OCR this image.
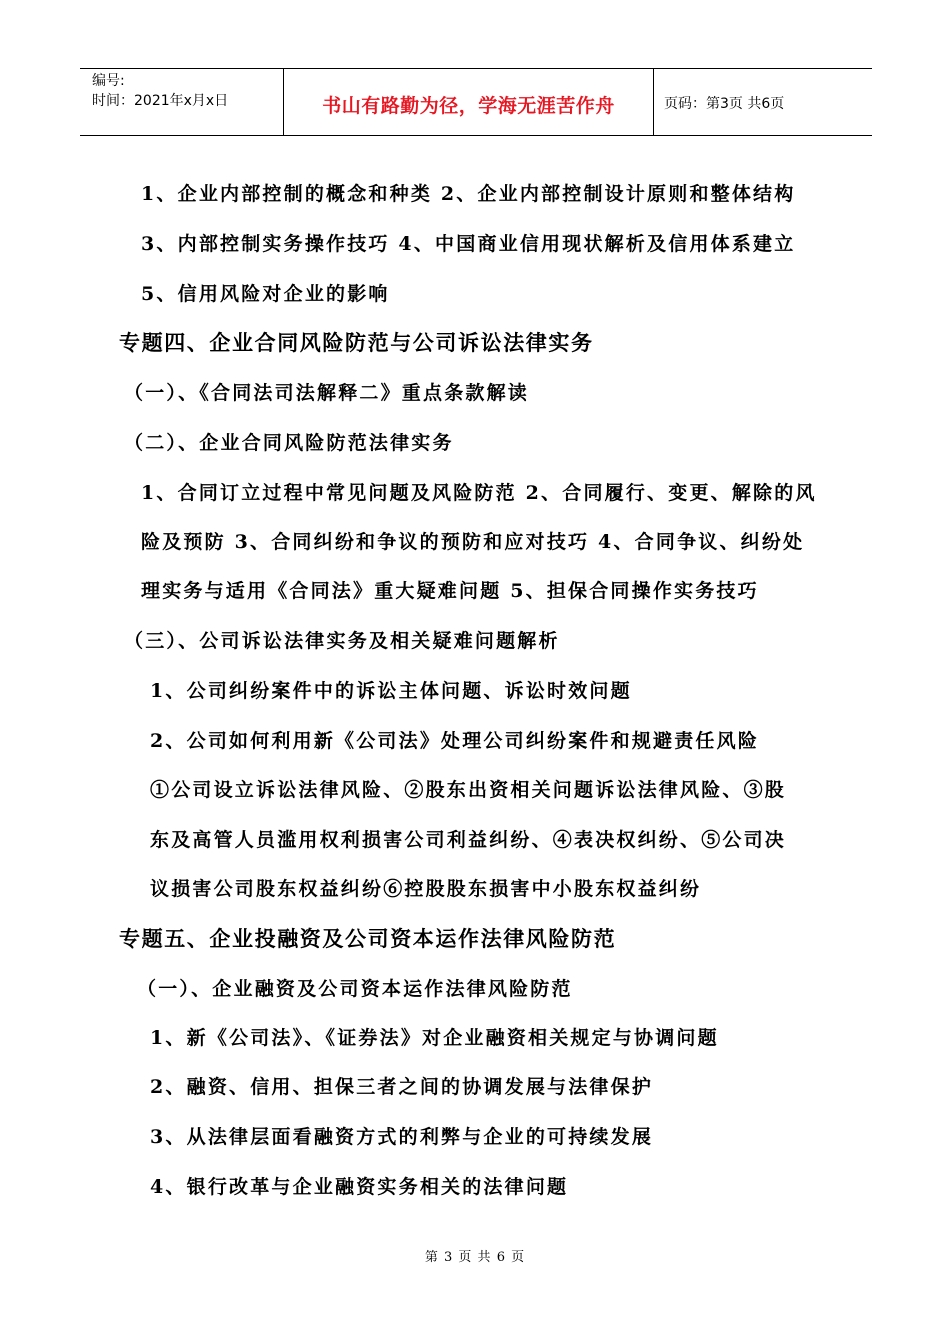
编号:
时间：2021年x月x日	书山有路勤为径，学海无涯苦作舟	页码：第3页 共6页
1、企业内部控制的概念和种类 2、企业内部控制设计原则和整体结构
3、内部控制实务操作技巧 4、中国商业信用现状解析及信用体系建立
5、信用风险对企业的影响
专题四、企业合同风险防范与公司诉讼法律实务
（一）、《合同法司法解释二》重点条款解读
（二）、企业合同风险防范法律实务
1、合同订立过程中常见问题及风险防范 2、合同履行、变更、解除的风
险及预防 3、合同纠纷和争议的预防和应对技巧 4、合同争议、纠纷处
理实务与适用《合同法》重大疑难问题 5、担保合同操作实务技巧
（三）、公司诉讼法律实务及相关疑难问题解析
1、公司纠纷案件中的诉讼主体问题、诉讼时效问题
2、公司如何利用新《公司法》处理公司纠纷案件和规避责任风险
①公司设立诉讼法律风险、②股东出资相关问题诉讼法律风险、③股
东及高管人员滥用权利损害公司利益纠纷、④表决权纠纷、⑤公司决
议损害公司股东权益纠纷⑥控股股东损害中小股东权益纠纷
专题五、企业投融资及公司资本运作法律风险防范
（一）、企业融资及公司资本运作法律风险防范
1、新《公司法》、《证券法》对企业融资相关规定与协调问题
2、融资、信用、担保三者之间的协调发展与法律保护
3、从法律层面看融资方式的利弊与企业的可持续发展
4、银行改革与企业融资实务相关的法律问题
第 3 页 共 6 页
